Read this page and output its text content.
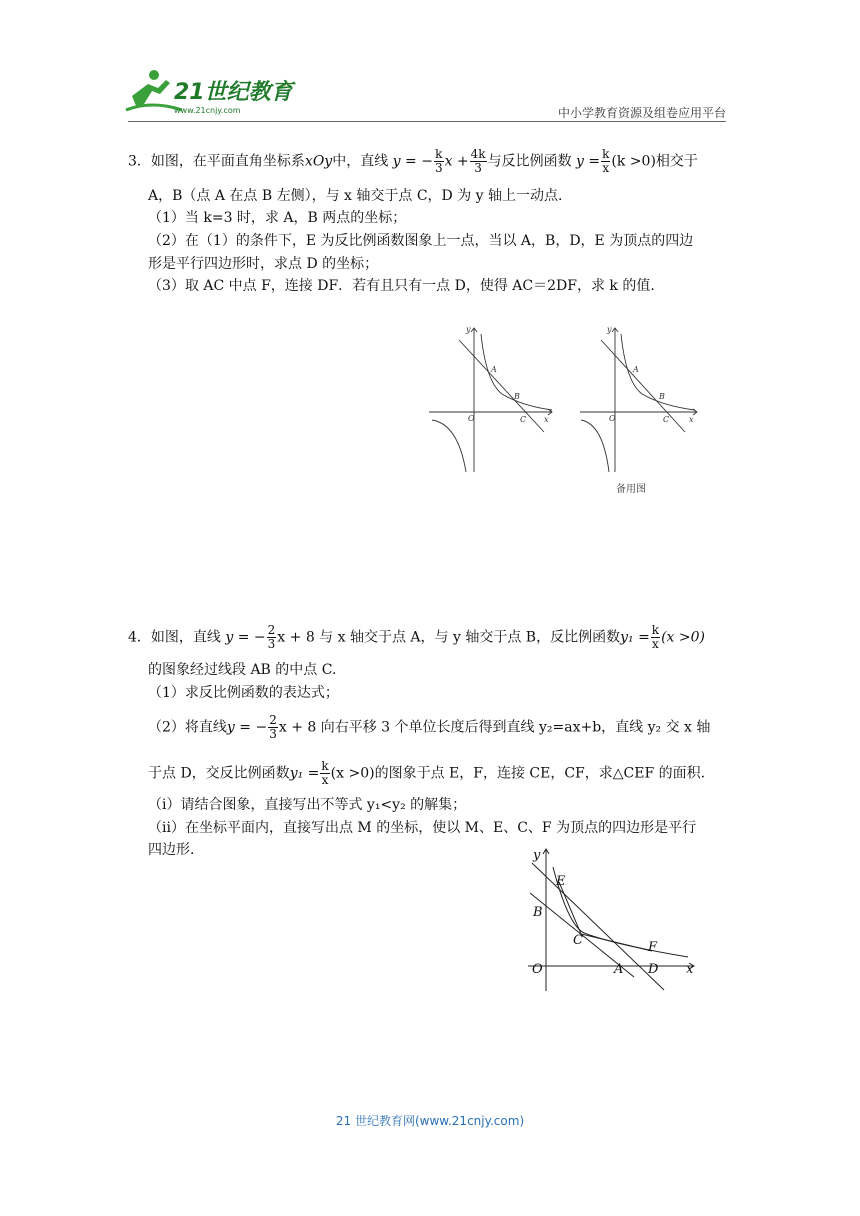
21世纪教育
www.21cnjy.com	中小学教育资源及组卷应用平台
3．如图，在平面直角坐标系xOy中，直线 y = − $\frac{k}{3}$ $x + \frac{4k}{3}$ 与反比例函数 $y = \frac{k}{x} (k >0)$相交于
A，B（点 A 在点 B 左侧），与 x 轴交于点 C，D 为 y 轴上一动点.
（1）当 k=3 时，求 A，B 两点的坐标；
（2）在（1）的条件下，E 为反比例函数图象上一点，当以 A，B，D，E 为顶点的四边
形是平行四边形时，求点 D 的坐标；
（3）取 AC 中点 F，连接 DF．若有且只有一点 D，使得 AC＝2DF，求 k 的值.
y
x
O
A
B
C
y
x
O
A
B
C
备用图
4．如图，直线 y = − $\frac{2}{3}$ x + 8 与 x 轴交于点 A，与 y 轴交于点 B，反比例函数$y_1 = \frac{k}{x} (x >0)$
的图象经过线段 AB 的中点 C.
（1）求反比例函数的表达式；
（2）将直线y = − $\frac{2}{3}$ x + 8 向右平移 3 个单位长度后得到直线 y₂=ax+b，直线 y₂ 交 x 轴
于点 D，交反比例函数$y_1 = \frac{k}{x} (x >0)$的图象于点 E，F，连接 CE，CF，求△CEF 的面积.
（i）请结合图象，直接写出不等式 y₁<y₂ 的解集；
（ii）在坐标平面内，直接写出点 M 的坐标，使以 M、E、C、F 为顶点的四边形是平行
四边形.	y
x
O	A
B
C
D
E
F
21 世纪教育网(www.21cnjy.com)
